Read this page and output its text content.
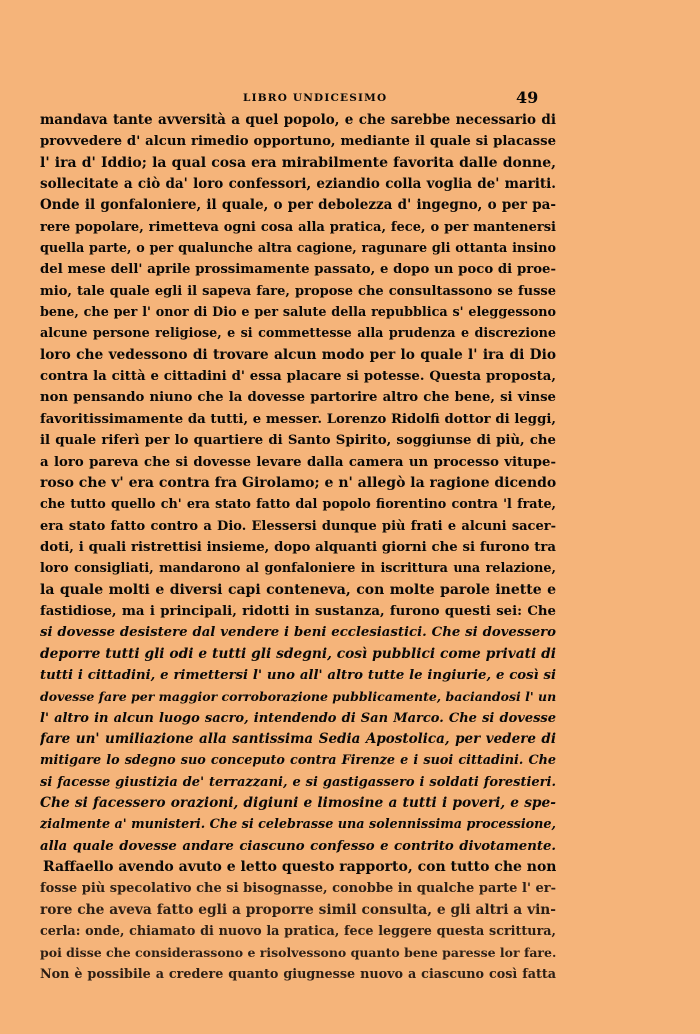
LIBRO UNDICESIMO	49
mandava tante avversità a quel popolo, e che sarebbe necessario di
provvedere d' alcun rimedio opportuno, mediante il quale si placasse
l' ira d' Iddio; la qual cosa era mirabilmente favorita dalle donne,
sollecitate a ciò da' loro confessori, eziandio colla voglia de' mariti.
Onde il gonfaloniere, il quale, o per debolezza d' ingegno, o per pa-
rere popolare, rimetteva ogni cosa alla pratica, fece, o per mantenersi
quella parte, o per qualunche altra cagione, ragunare gli ottanta insino
del mese dell' aprile prossimamente passato, e dopo un poco di proe-
mio, tale quale egli il sapeva fare, propose che consultassono se fusse
bene, che per l' onor di Dio e per salute della repubblica s' eleggessono
alcune persone religiose, e si commettesse alla prudenza e discrezione
loro che vedessono di trovare alcun modo per lo quale l' ira di Dio
contra la città e cittadini d' essa placare si potesse. Questa proposta,
non pensando niuno che la dovesse partorire altro che bene, si vinse
favoritissimamente da tutti, e messer. Lorenzo Ridolfi dottor di leggi,
il quale riferì per lo quartiere di Santo Spirito, soggiunse di più, che
a loro pareva che si dovesse levare dalla camera un processo vitupe-
roso che v' era contra fra Girolamo; e n' allegò la ragione dicendo
che tutto quello ch' era stato fatto dal popolo fiorentino contra 'l frate,
era stato fatto contro a Dio. Elessersi dunque più frati e alcuni sacer-
doti, i quali ristrettisi insieme, dopo alquanti giorni che si furono tra
loro consigliati, mandarono al gonfaloniere in iscrittura una relazione,
la quale molti e diversi capi conteneva, con molte parole inette e
fastidiose, ma i principali, ridotti in sustanza, furono questi sei: Che
si dovesse desistere dal vendere i beni ecclesiastici. Che si dovessero
deporre tutti gli odi e tutti gli sdegni, così pubblici come privati di
tutti i cittadini, e rimettersi l' uno all' altro tutte le ingiurie, e così si
dovesse fare per maggior corroborazione pubblicamente, baciandosi l' un
l' altro in alcun luogo sacro, intendendo di San Marco. Che si dovesse
fare un' umiliazione alla santissima Sedia Apostolica, per vedere di
mitigare lo sdegno suo conceputo contra Firenze e i suoi cittadini. Che
si facesse giustizia de' terrazzani, e si gastigassero i soldati forestieri.
Che si facessero orazioni, digiuni e limosine a tutti i poveri, e spe-
zialmente a' munisteri. Che si celebrasse una solennissima processione,
alla quale dovesse andare ciascuno confesso e contrito divotamente.
Raffaello avendo avuto e letto questo rapporto, con tutto che non
fosse più specolativo che si bisognasse, conobbe in qualche parte l' er-
rore che aveva fatto egli a proporre simil consulta, e gli altri a vin-
cerla: onde, chiamato di nuovo la pratica, fece leggere questa scrittura,
poi disse che considerassono e risolvessono quanto bene paresse lor fare.
Non è possibile a credere quanto giugnesse nuovo a ciascuno così fatta
